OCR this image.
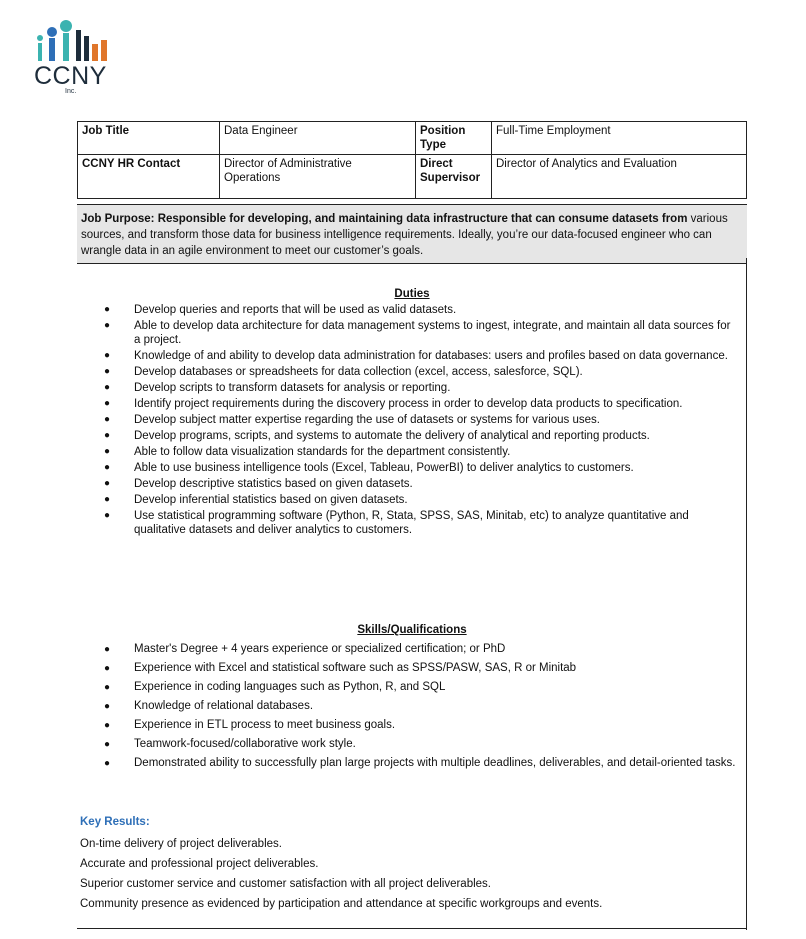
CCNY
Inc.
Job Title	Data Engineer	Position Type	Full-Time Employment
CCNY HR Contact	Director of Administrative Operations	Direct Supervisor	Director of Analytics and Evaluation
Job Purpose: Responsible for developing, and maintaining data infrastructure that can consume datasets from various sources, and transform those data for business intelligence requirements. Ideally, you’re our data-focused engineer who can wrangle data in an agile environment to meet our customer’s goals.
Duties
● Develop queries and reports that will be used as valid datasets.
● Able to develop data architecture for data management systems to ingest, integrate, and maintain all data sources for a project.
● Knowledge of and ability to develop data administration for databases: users and profiles based on data governance.
● Develop databases or spreadsheets for data collection (excel, access, salesforce, SQL).
● Develop scripts to transform datasets for analysis or reporting.
● Identify project requirements during the discovery process in order to develop data products to specification.
● Develop subject matter expertise regarding the use of datasets or systems for various uses.
● Develop programs, scripts, and systems to automate the delivery of analytical and reporting products.
● Able to follow data visualization standards for the department consistently.
● Able to use business intelligence tools (Excel, Tableau, PowerBI) to deliver analytics to customers.
● Develop descriptive statistics based on given datasets.
● Develop inferential statistics based on given datasets.
● Use statistical programming software (Python, R, Stata, SPSS, SAS, Minitab, etc) to analyze quantitative and qualitative datasets and deliver analytics to customers.
Skills/Qualifications
● Master's Degree + 4 years experience or specialized certification; or PhD
● Experience with Excel and statistical software such as SPSS/PASW, SAS, R or Minitab
● Experience in coding languages such as Python, R, and SQL
● Knowledge of relational databases.
● Experience in ETL process to meet business goals.
● Teamwork-focused/collaborative work style.
● Demonstrated ability to successfully plan large projects with multiple deadlines, deliverables, and detail-oriented tasks.
Key Results:
On-time delivery of project deliverables.
Accurate and professional project deliverables.
Superior customer service and customer satisfaction with all project deliverables.
Community presence as evidenced by participation and attendance at specific workgroups and events.
